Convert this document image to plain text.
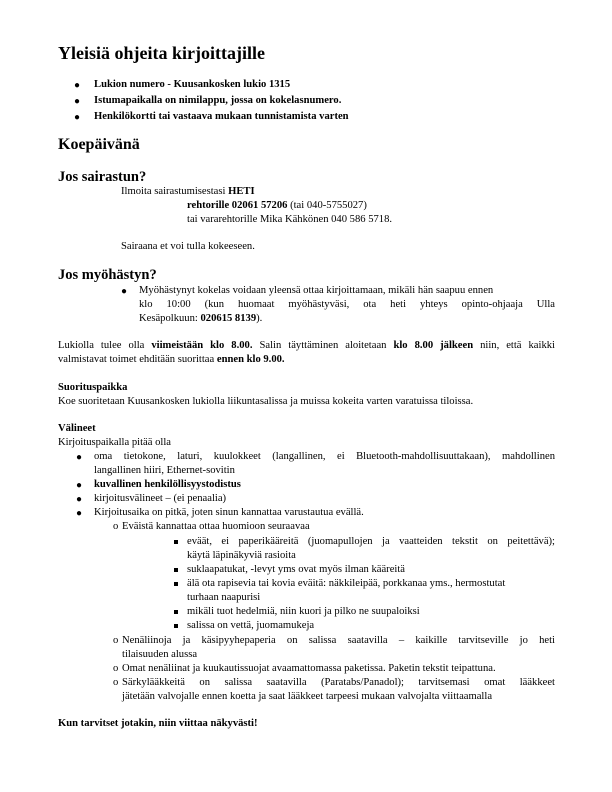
Yleisiä ohjeita kirjoittajille
● Lukion numero - Kuusankosken lukio 1315
● Istumapaikalla on nimilappu, jossa on kokelasnumero.
● Henkilökortti tai vastaava mukaan tunnistamista varten
Koepäivänä
Jos sairastun?
Ilmoita sairastumisestasi HETI
rehtorille 02061 57206 (tai 040-5755027)
tai vararehtorille Mika Kähkönen 040 586 5718.
Sairaana et voi tulla kokeeseen.
Jos myöhästyn?
● Myöhästynyt kokelas voidaan yleensä ottaa kirjoittamaan, mikäli hän saapuu ennen
klo 10:00 (kun huomaat myöhästyväsi, ota heti yhteys opinto-ohjaaja Ulla
Kesäpolkuun: 020615 8139).
Lukiolla tulee olla viimeistään klo 8.00. Salin täyttäminen aloitetaan klo 8.00 jälkeen niin, että kaikki
valmistavat toimet ehditään suorittaa ennen klo 9.00.
Suorituspaikka
Koe suoritetaan Kuusankosken lukiolla liikuntasalissa ja muissa kokeita varten varatuissa tiloissa.
Välineet
Kirjoituspaikalla pitää olla
● oma tietokone, laturi, kuulokkeet (langallinen, ei Bluetooth-mahdollisuuttakaan), mahdollinen
langallinen hiiri, Ethernet-sovitin
● kuvallinen henkilöllisyystodistus
● kirjoitusvälineet – (ei penaalia)
● Kirjoitusaika on pitkä, joten sinun kannattaa varustautua evällä.
o Eväistä kannattaa ottaa huomioon seuraavaa
eväät, ei paperikääreitä (juomapullojen ja vaatteiden tekstit on peitettävä);
käytä läpinäkyviä rasioita
suklaapatukat, -levyt yms ovat myös ilman kääreitä
älä ota rapisevia tai kovia eväitä: näkkileipää, porkkanaa yms., hermostutat
turhaan naapurisi
mikäli tuot hedelmiä, niin kuori ja pilko ne suupaloiksi
salissa on vettä, juomamukeja
o Nenäliinoja ja käsipyyhepaperia on salissa saatavilla – kaikille tarvitseville jo heti
tilaisuuden alussa
o Omat nenäliinat ja kuukautissuojat avaamattomassa paketissa. Paketin tekstit teipattuna.
o Särkylääkkeitä on salissa saatavilla (Paratabs/Panadol); tarvitsemasi omat lääkkeet
jätetään valvojalle ennen koetta ja saat lääkkeet tarpeesi mukaan valvojalta viittaamalla
Kun tarvitset jotakin, niin viittaa näkyvästi!
